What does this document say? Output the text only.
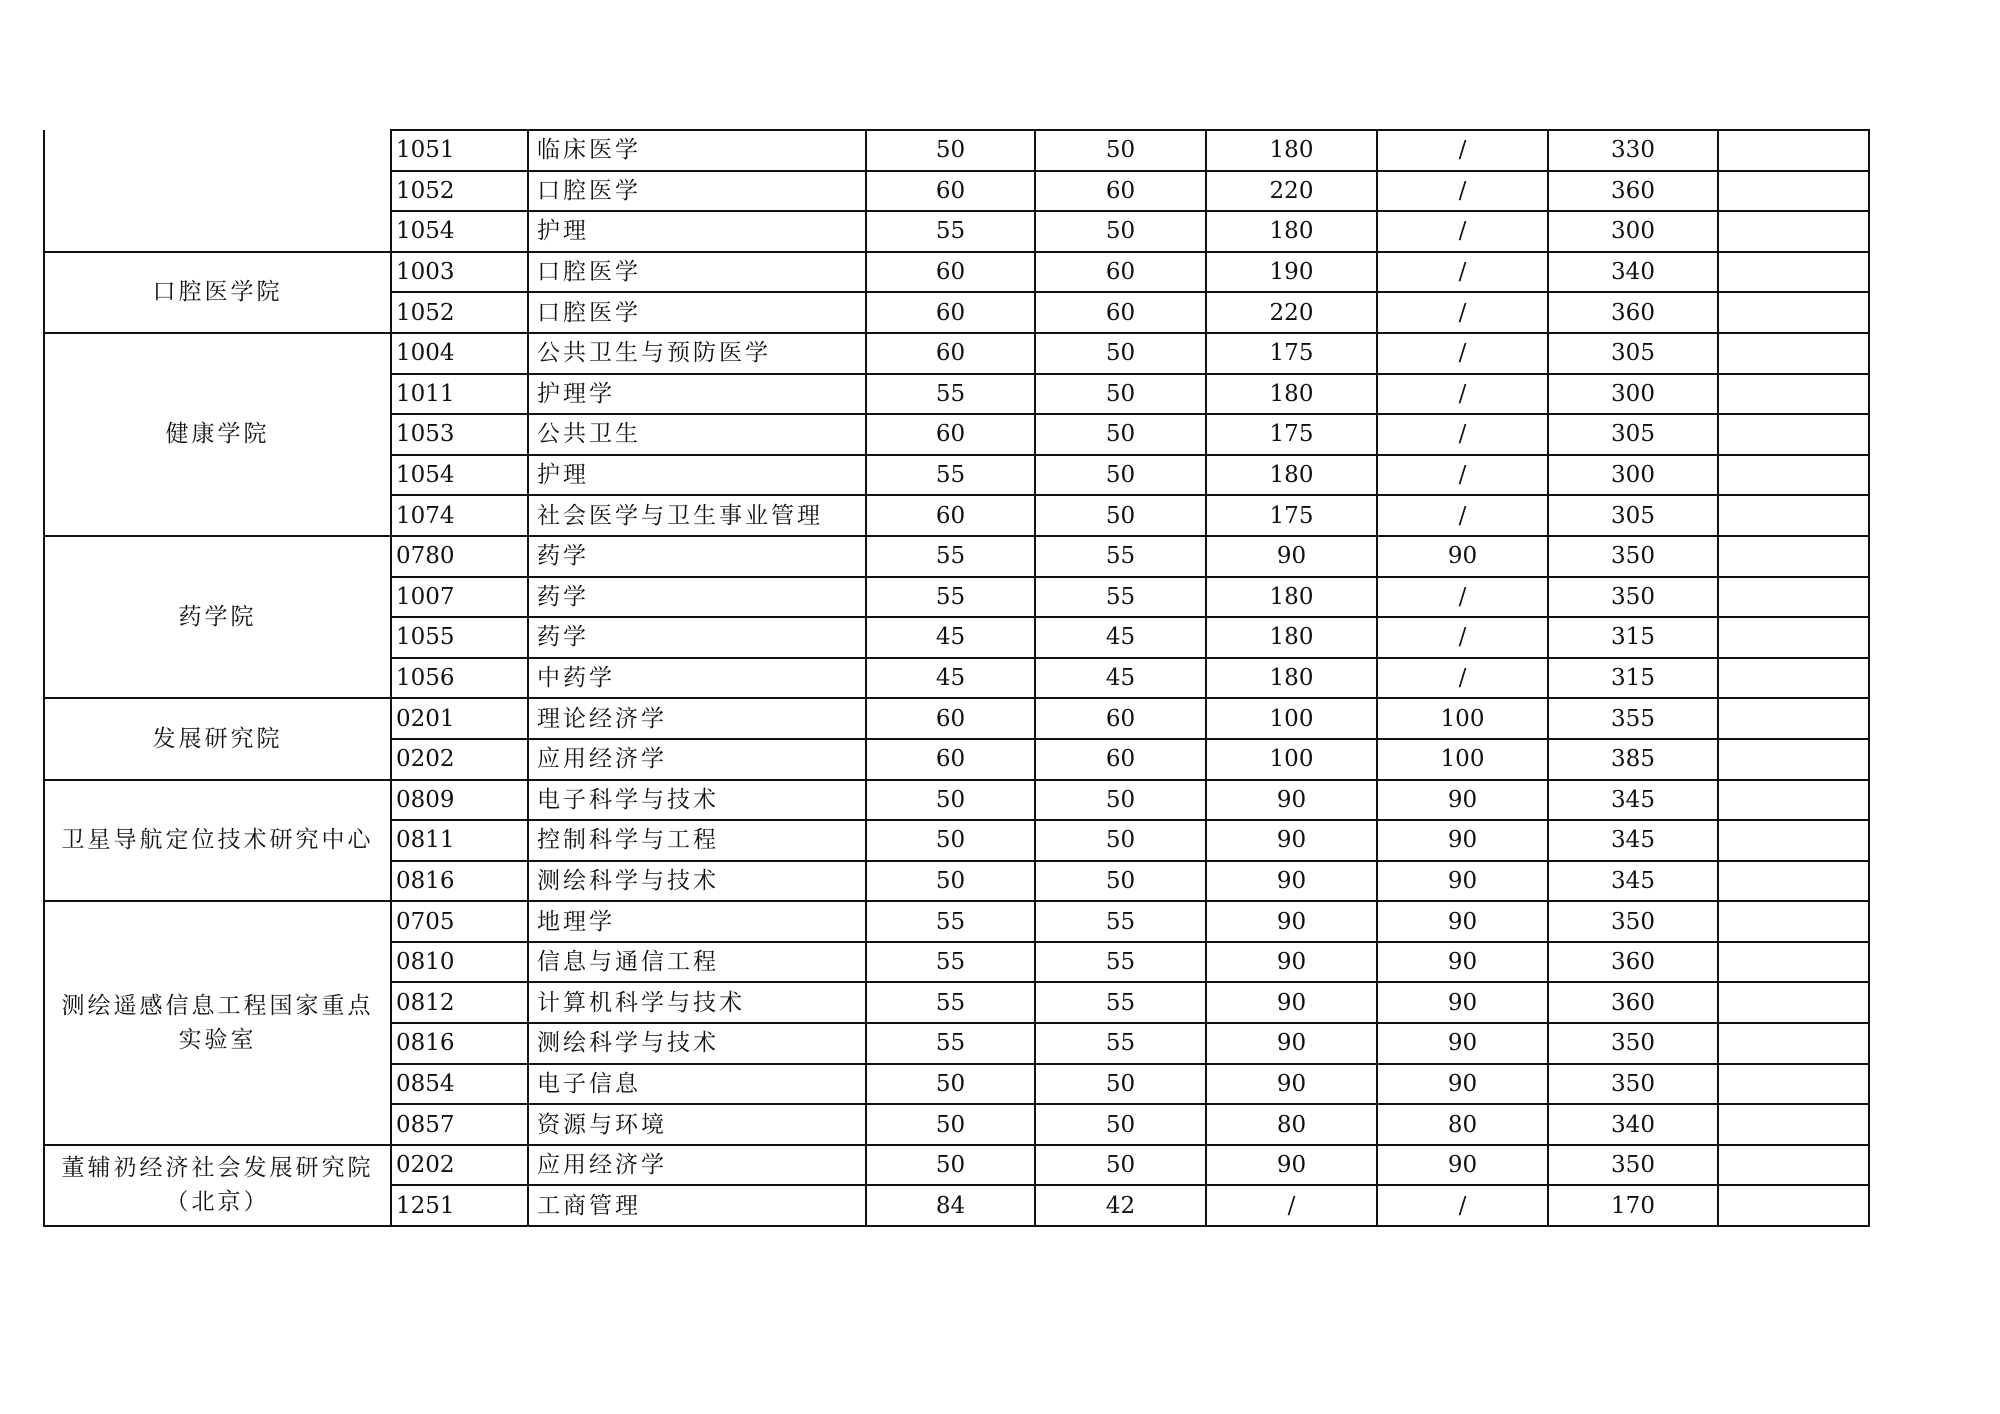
	1051	临床医学	50	50	180	/	330	
	1052	口腔医学	60	60	220	/	360	
	1054	护理	55	50	180	/	300	
口腔医学院	1003	口腔医学	60	60	190	/	340	
	1052	口腔医学	60	60	220	/	360	
健康学院	1004	公共卫生与预防医学	60	50	175	/	305	
	1011	护理学	55	50	180	/	300	
	1053	公共卫生	60	50	175	/	305	
	1054	护理	55	50	180	/	300	
	1074	社会医学与卫生事业管理	60	50	175	/	305	
药学院	0780	药学	55	55	90	90	350	
	1007	药学	55	55	180	/	350	
	1055	药学	45	45	180	/	315	
	1056	中药学	45	45	180	/	315	
发展研究院	0201	理论经济学	60	60	100	100	355	
	0202	应用经济学	60	60	100	100	385	
卫星导航定位技术研究中心	0809	电子科学与技术	50	50	90	90	345	
	0811	控制科学与工程	50	50	90	90	345	
	0816	测绘科学与技术	50	50	90	90	345	
测绘遥感信息工程国家重点实验室	0705	地理学	55	55	90	90	350	
	0810	信息与通信工程	55	55	90	90	360	
	0812	计算机科学与技术	55	55	90	90	360	
	0816	测绘科学与技术	55	55	90	90	350	
	0854	电子信息	50	50	90	90	350	
	0857	资源与环境	50	50	80	80	340	
董辅礽经济社会发展研究院（北京）	0202	应用经济学	50	50	90	90	350	
	1251	工商管理	84	42	/	/	170	
